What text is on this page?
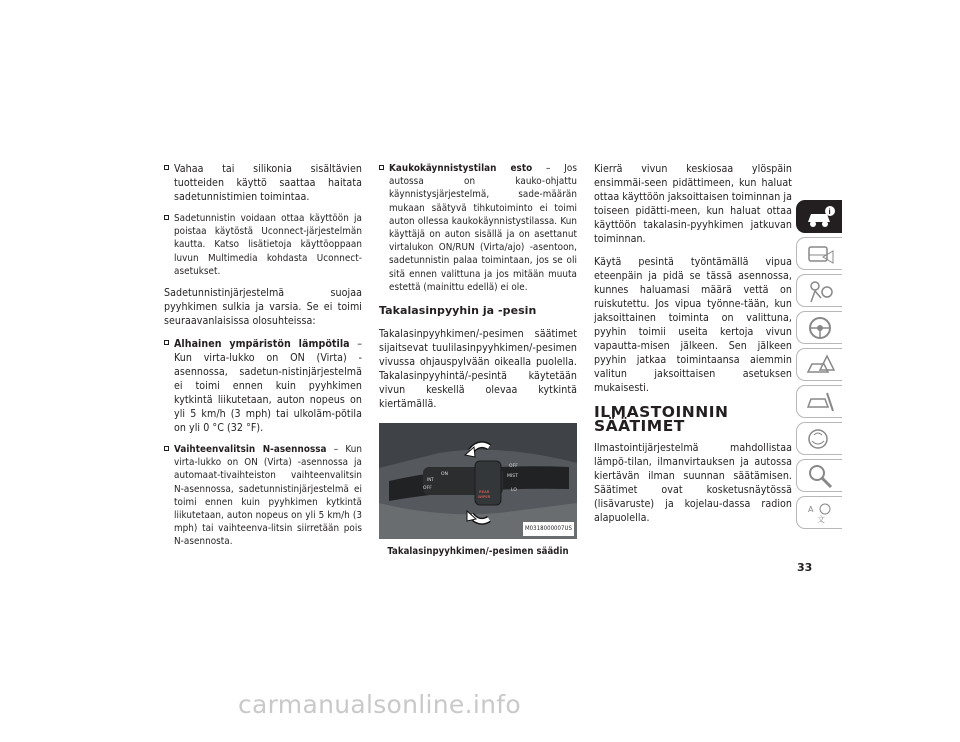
Vahaa tai silikonia sisältävien tuotteiden käyttö saattaa haitata sadetunnistimien toimintaa.
Sadetunnistin voidaan ottaa käyttöön ja poistaa käytöstä Uconnect-järjestelmän kautta. Katso lisätietoja käyttöoppaan luvun Multimedia kohdasta Uconnect-asetukset.

Sadetunnistinjärjestelmä suojaa pyyhkimen sulkia ja varsia. Se ei toimi seuraavanlaisissa olosuhteissa:

Alhainen ympäristön lämpötila – Kun virta-lukko on ON (Virta) -asennossa, sadetun-nistinjärjestelmä ei toimi ennen kuin pyyhkimen kytkintä liikutetaan, auton nopeus on yli 5 km/h (3 mph) tai ulkoläm-pötila on yli 0 °C (32 °F).
Vaihteenvalitsin N-asennossa – Kun virta-lukko on ON (Virta) -asennossa ja automaat-tivaihteiston vaihteenvalitsin N-asennossa, sadetunnistinjärjestelmä ei toimi ennen kuin pyyhkimen kytkintä liikutetaan, auton nopeus on yli 5 km/h (3 mph) tai vaihteenva-litsin siirretään pois N-asennosta.
Kaukokäynnistystilan esto – Jos autossa on kauko-ohjattu käynnistysjärjestelmä, sade-määrän mukaan säätyvä tihkutoiminto ei toimi auton ollessa kaukokäynnistystilassa. Kun käyttäjä on auton sisällä ja on asettanut virtalukon ON/RUN (Virta/ajo) -asentoon, sadetunnistin palaa toimintaan, jos se oli sitä ennen valittuna ja jos mitään muuta estettä (mainittu edellä) ei ole.
Takalasinpyyhin ja -pesin

Takalasinpyyhkimen/-pesimen säätimet sijaitsevat tuulilasinpyyhkimen/-pesimen vivussa ohjauspylvään oikealla puolella. Takalasinpyyhintä/-pesintä käytetään vivun keskellä olevaa kytkintä kiertämällä.

ON
OFF
INT
MIST
LO
OFF
REAR
WIPER
M0318000007US

Takalasinpyyhkimen/-pesimen säädin

Kierrä vivun keskiosaa ylöspäin ensimmäi-seen pidättimeen, kun haluat ottaa käyttöön jaksoittaisen toiminnan ja toiseen pidätti-meen, kun haluat ottaa käyttöön takalasin-pyyhkimen jatkuvan toiminnan.

Käytä pesintä työntämällä vipua eteenpäin ja pidä se tässä asennossa, kunnes haluamasi määrä vettä on ruiskutettu. Jos vipua työnne-tään, kun jaksoittainen toiminta on valittuna, pyyhin toimii useita kertoja vivun vapautta-misen jälkeen. Sen jälkeen pyyhin jatkaa toimintaansa aiemmin valitun jaksoittaisen asetuksen mukaisesti.

ILMASTOINNIN SÄÄTIMET

Ilmastointijärjestelmä mahdollistaa lämpö-tilan, ilmanvirtauksen ja autossa kiertävän ilman suunnan säätämisen. Säätimet ovat kosketusnäytössä (lisävaruste) ja kojelau-dassa radion alapuolella.

i
A
文
33
carmanualsonline.info
